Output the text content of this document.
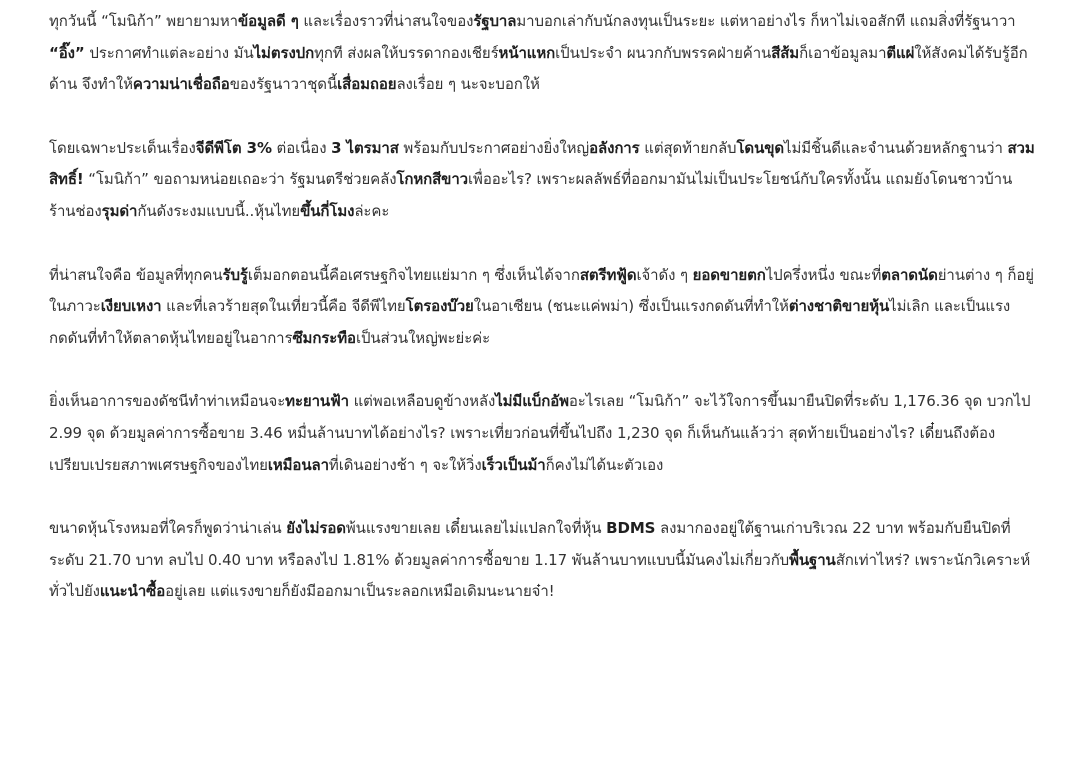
ทุกวันนี้ “โมนิก้า” พยายามหาข้อมูลดี ๆ และเรื่องราวที่น่าสนใจของรัฐบาลมาบอกเล่ากับนักลงทุนเป็นระยะ แต่หาอย่างไร ก็หาไม่เจอสักที แถมสิ่งที่รัฐนาวา “อิ๊ง” ประกาศทำแต่ละอย่าง มันไม่ตรงปกทุกที ส่งผลให้บรรดากองเชียร์หน้าแหกเป็นประจำ ผนวกกับพรรคฝ่ายค้านสีส้มก็เอาข้อมูลมาตีแผ่ให้สังคมได้รับรู้อีกด้าน จึงทำให้ความน่าเชื่อถือของรัฐนาวาชุดนี้เสื่อมถอยลงเรื่อย ๆ นะจะบอกให้

โดยเฉพาะประเด็นเรื่องจีดีพีโต 3% ต่อเนื่อง 3 ไตรมาส พร้อมกับประกาศอย่างยิ่งใหญ่อลังการ แต่สุดท้ายกลับโดนขุดไม่มีชิ้นดีและจำนนด้วยหลักฐานว่า สวมสิทธิ์! “โมนิก้า” ขอถามหน่อยเถอะว่า รัฐมนตรีช่วยคลังโกหกสีขาวเพื่ออะไร? เพราะผลลัพธ์ที่ออกมามันไม่เป็นประโยชน์กับใครทั้งนั้น แถมยังโดนชาวบ้านร้านช่องรุมด่ากันดังระงมแบบนี้..หุ้นไทยขึ้นกี่โมงล่ะคะ

ที่น่าสนใจคือ ข้อมูลที่ทุกคนรับรู้เต็มอกตอนนี้คือเศรษฐกิจไทยแย่มาก ๆ ซึ่งเห็นได้จากสตรีทฟู้ดเจ้าดัง ๆ ยอดขายตกไปครึ่งหนึ่ง ขณะที่ตลาดนัดย่านต่าง ๆ ก็อยู่ในภาวะเงียบเหงา และที่เลวร้ายสุดในเที่ยวนี้คือ จีดีพีไทยโตรองบ๊วยในอาเซียน (ชนะแค่พม่า) ซึ่งเป็นแรงกดดันที่ทำให้ต่างชาติขายหุ้นไม่เลิก และเป็นแรงกดดันที่ทำให้ตลาดหุ้นไทยอยู่ในอาการซึมกระทือเป็นส่วนใหญ่พะย่ะค่ะ

ยิ่งเห็นอาการของดัชนีทำท่าเหมือนจะทะยานฟ้า แต่พอเหลือบดูข้างหลังไม่มีแบ็กอัพอะไรเลย “โมนิก้า” จะไว้ใจการขึ้นมายืนปิดที่ระดับ 1,176.36 จุด บวกไป 2.99 จุด ด้วยมูลค่าการซื้อขาย 3.46 หมื่นล้านบาทได้อย่างไร? เพราะเที่ยวก่อนที่ขึ้นไปถึง 1,230 จุด ก็เห็นกันแล้วว่า สุดท้ายเป็นอย่างไร? เดี๋ยนถึงต้องเปรียบเปรยสภาพเศรษฐกิจของไทยเหมือนลาที่เดินอย่างช้า ๆ จะให้วิ่งเร็วเป็นม้าก็คงไม่ได้นะตัวเอง

ขนาดหุ้นโรงหมอที่ใครก็พูดว่าน่าเล่น ยังไม่รอดพ้นแรงขายเลย เดี๋ยนเลยไม่แปลกใจที่หุ้น BDMS ลงมากองอยู่ใต้ฐานเก่าบริเวณ 22 บาท พร้อมกับยืนปิดที่ระดับ 21.70 บาท ลบไป 0.40 บาท หรือลงไป 1.81% ด้วยมูลค่าการซื้อขาย 1.17 พันล้านบาทแบบนี้มันคงไม่เกี่ยวกับพื้นฐานสักเท่าไหร่? เพราะนักวิเคราะห์ทั่วไปยังแนะนำซื้ออยู่เลย แต่แรงขายก็ยังมีออกมาเป็นระลอกเหมือเดิมนะนายจ๋า!
